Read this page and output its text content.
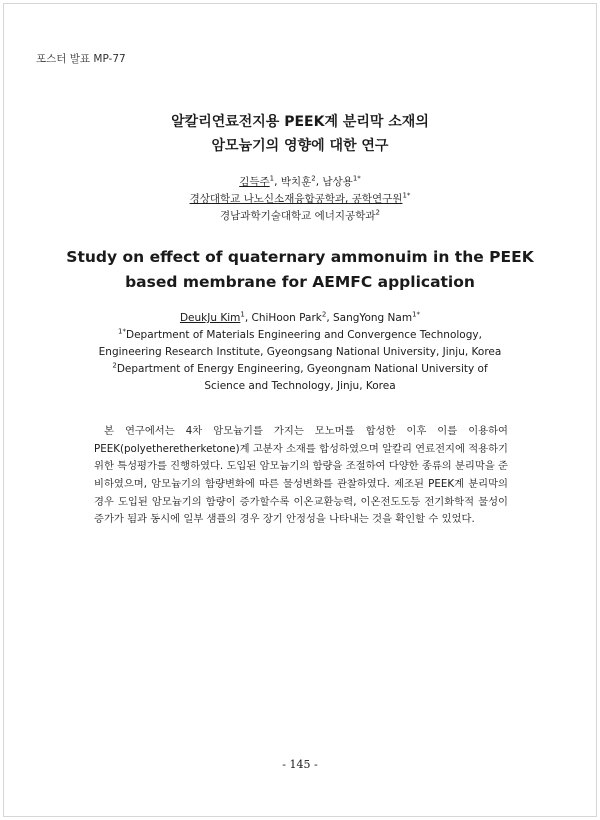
포스터 발표 MP-77
알칼리연료전지용 PEEK계 분리막 소재의
암모늄기의 영향에 대한 연구
김득주$^1$, 박치훈$^2$, 남상용$^{1*}$
경상대학교 나노신소재융합공학과, 공학연구원$^{1*}$
경남과학기술대학교 에너지공학과$^2$
Study on effect of quaternary ammonuim in the PEEK
based membrane for AEMFC application
DeukJu Kim$^1$, ChiHoon Park$^2$, SangYong Nam$^{1*}$
$^{1*}$Department of Materials Engineering and Convergence Technology,
Engineering Research Institute, Gyeongsang National University, Jinju, Korea
$^2$Department of Energy Engineering, Gyeongnam National University of
Science and Technology, Jinju, Korea

본 연구에서는 4차 암모늄기를 가지는 모노머를 합성한 이후 이를 이용하여 PEEK(polyetheretherketone)계 고분자 소재를 합성하였으며 알칼리 연료전지에 적용하기 위한 특성평가를 진행하였다. 도입된 암모늄기의 함량을 조절하여 다양한 종류의 분리막을 준비하였으며, 암모늄기의 함량변화에 따른 물성변화를 관찰하였다. 제조된 PEEK계 분리막의 경우 도입된 암모늄기의 함량이 증가할수록 이온교환능력, 이온전도도등 전기화학적 물성이 증가가 됨과 동시에 일부 샘플의 경우 장기 안정성을 나타내는 것을 확인할 수 있었다.

- 145 -
